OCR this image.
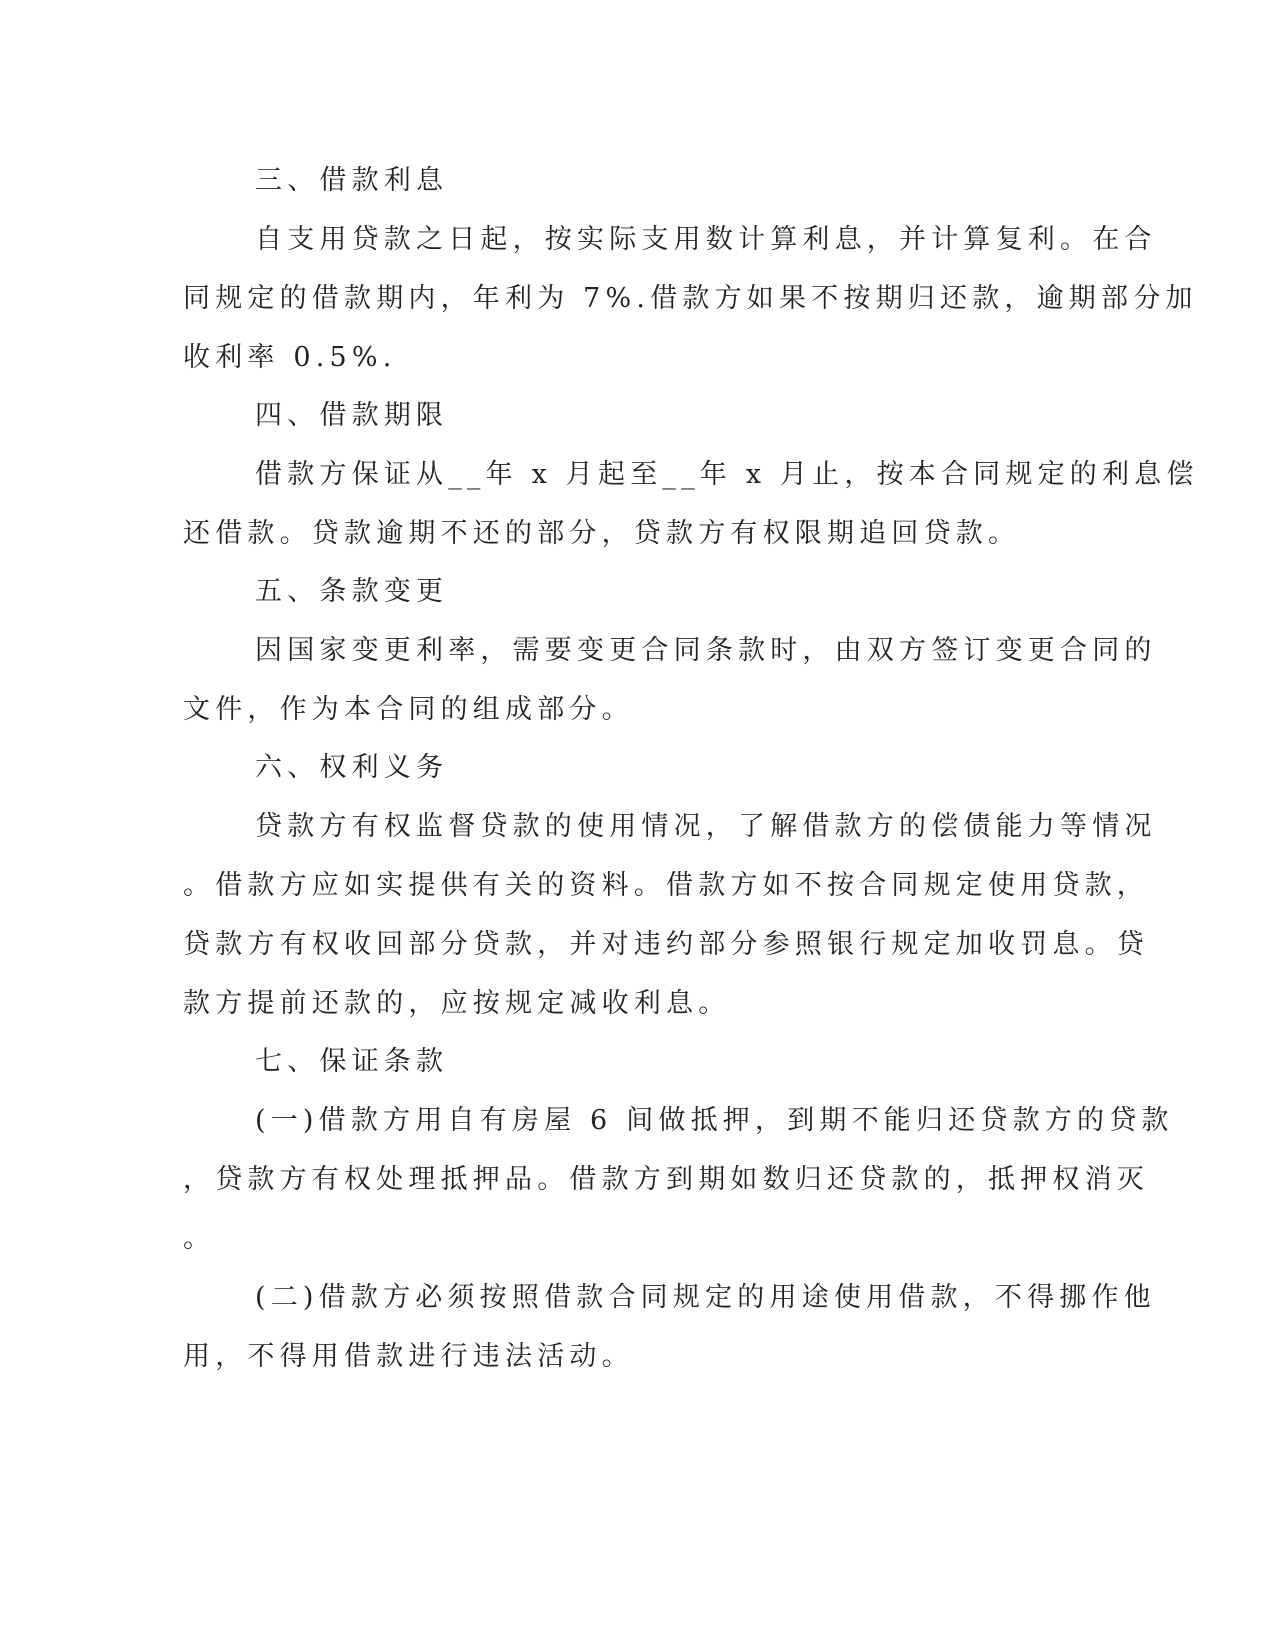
三、借款利息

自支用贷款之日起，按实际支用数计算利息，并计算复利。在合

同规定的借款期内，年利为 7%.借款方如果不按期归还款，逾期部分加

收利率 0.5%.

四、借款期限

借款方保证从__年 x 月起至__年 x 月止，按本合同规定的利息偿

还借款。贷款逾期不还的部分，贷款方有权限期追回贷款。

五、条款变更

因国家变更利率，需要变更合同条款时，由双方签订变更合同的

文件，作为本合同的组成部分。

六、权利义务

贷款方有权监督贷款的使用情况，了解借款方的偿债能力等情况

。借款方应如实提供有关的资料。借款方如不按合同规定使用贷款，

贷款方有权收回部分贷款，并对违约部分参照银行规定加收罚息。贷

款方提前还款的，应按规定减收利息。

七、保证条款

(一)借款方用自有房屋 6 间做抵押，到期不能归还贷款方的贷款

，贷款方有权处理抵押品。借款方到期如数归还贷款的，抵押权消灭

。

(二)借款方必须按照借款合同规定的用途使用借款，不得挪作他

用，不得用借款进行违法活动。
